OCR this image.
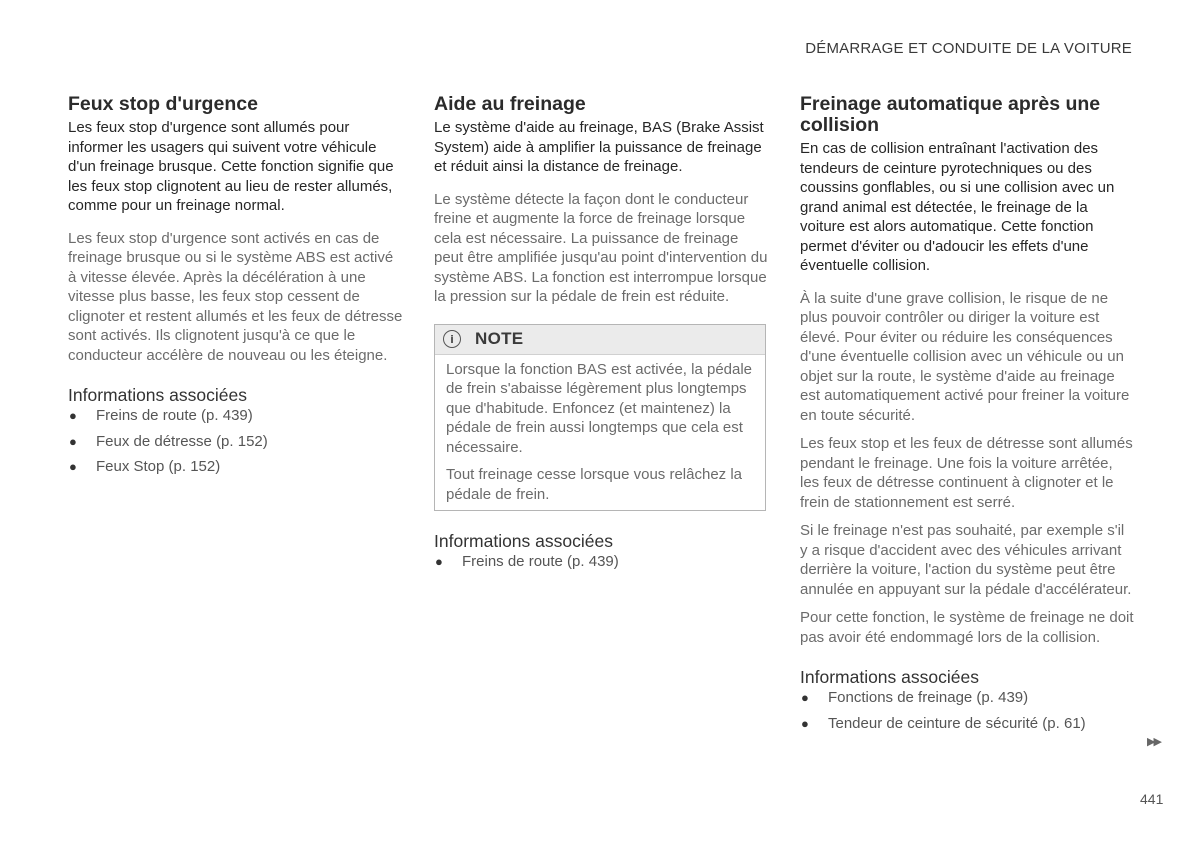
DÉMARRAGE ET CONDUITE DE LA VOITURE
Feux stop d'urgence

Les feux stop d'urgence sont allumés pour informer les usagers qui suivent votre véhicule d'un freinage brusque. Cette fonction signifie que les feux stop clignotent au lieu de rester allumés, comme pour un freinage normal.

Les feux stop d'urgence sont activés en cas de freinage brusque ou si le système ABS est activé à vitesse élevée. Après la décélération à une vitesse plus basse, les feux stop cessent de clignoter et restent allumés et les feux de détresse sont activés. Ils clignotent jusqu'à ce que le conducteur accélère de nouveau ou les éteigne.

Informations associées
● Freins de route (p. 439)
● Feux de détresse (p. 152)
● Feux Stop (p. 152)
Aide au freinage

Le système d'aide au freinage, BAS (Brake Assist System) aide à amplifier la puissance de freinage et réduit ainsi la distance de freinage.

Le système détecte la façon dont le conducteur freine et augmente la force de freinage lorsque cela est nécessaire. La puissance de freinage peut être amplifiée jusqu'au point d'intervention du système ABS. La fonction est interrompue lorsque la pression sur la pédale de frein est réduite.

i	NOTE

Lorsque la fonction BAS est activée, la pédale de frein s'abaisse légèrement plus longtemps que d'habitude. Enfoncez (et maintenez) la pédale de frein aussi longtemps que cela est nécessaire.

Tout freinage cesse lorsque vous relâchez la pédale de frein.

Informations associées
● Freins de route (p. 439)
Freinage automatique après une collision

En cas de collision entraînant l'activation des tendeurs de ceinture pyrotechniques ou des coussins gonflables, ou si une collision avec un grand animal est détectée, le freinage de la voiture est alors automatique. Cette fonction permet d'éviter ou d'adoucir les effets d'une éventuelle collision.

À la suite d'une grave collision, le risque de ne plus pouvoir contrôler ou diriger la voiture est élevé. Pour éviter ou réduire les conséquences d'une éventuelle collision avec un véhicule ou un objet sur la route, le système d'aide au freinage est automatiquement activé pour freiner la voiture en toute sécurité.

Les feux stop et les feux de détresse sont allumés pendant le freinage. Une fois la voiture arrêtée, les feux de détresse continuent à clignoter et le frein de stationnement est serré.

Si le freinage n'est pas souhaité, par exemple s'il y a risque d'accident avec des véhicules arrivant derrière la voiture, l'action du système peut être annulée en appuyant sur la pédale d'accélérateur.

Pour cette fonction, le système de freinage ne doit pas avoir été endommagé lors de la collision.

Informations associées
● Fonctions de freinage (p. 439)
● Tendeur de ceinture de sécurité (p. 61)
▶▶
441
